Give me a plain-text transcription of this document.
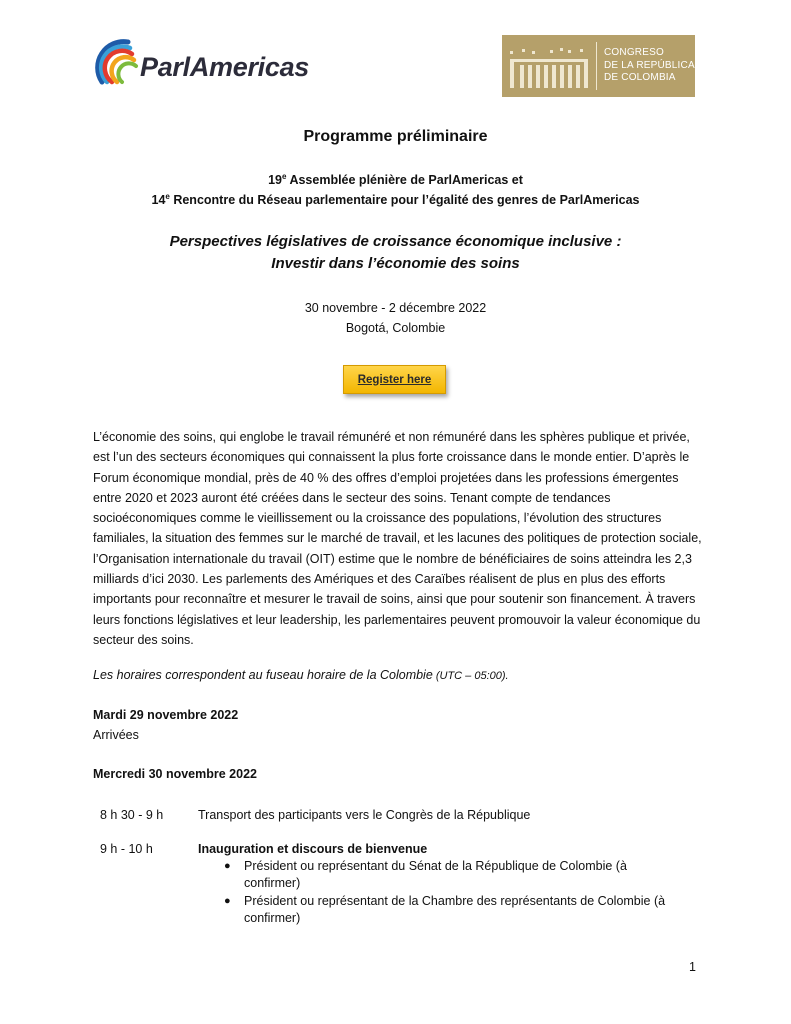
ParlAmericas	CONGRESO
DE LA REPÚBLICA
DE COLOMBIA
Programme préliminaire
19e Assemblée plénière de ParlAmericas et
14e Rencontre du Réseau parlementaire pour l’égalité des genres de ParlAmericas
Perspectives législatives de croissance économique inclusive :
Investir dans l’économie des soins
30 novembre - 2 décembre 2022
Bogotá, Colombie
Register here
L’économie des soins, qui englobe le travail rémunéré et non rémunéré dans les sphères publique et privée, est l’un des secteurs économiques qui connaissent la plus forte croissance dans le monde entier. D’après le Forum économique mondial, près de 40 % des offres d’emploi projetées dans les professions émergentes entre 2020 et 2023 auront été créées dans le secteur des soins. Tenant compte de tendances socioéconomiques comme le vieillissement ou la croissance des populations, l’évolution des structures familiales, la situation des femmes sur le marché de travail, et les lacunes des politiques de protection sociale, l’Organisation internationale du travail (OIT) estime que le nombre de bénéficiaires de soins atteindra les 2,3 milliards d’ici 2030. Les parlements des Amériques et des Caraïbes réalisent de plus en plus des efforts importants pour reconnaître et mesurer le travail de soins, ainsi que pour soutenir son financement. À travers leurs fonctions législatives et leur leadership, les parlementaires peuvent promouvoir la valeur économique du secteur des soins.
Les horaires correspondent au fuseau horaire de la Colombie (UTC – 05:00).
Mardi 29 novembre 2022
Arrivées
Mercredi 30 novembre 2022
8 h 30 - 9 h	Transport des participants vers le Congrès de la République
9 h - 10 h	Inauguration et discours de bienvenue
● Président ou représentant du Sénat de la République de Colombie (à confirmer)
● Président ou représentant de la Chambre des représentants de Colombie (à confirmer)
1
